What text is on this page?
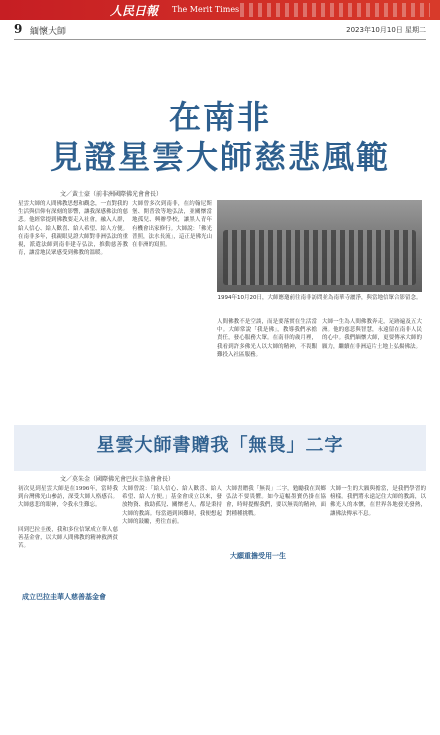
人民日報 The Merit Times
9 緬懷大師	2023年10月10日 星期二
在南非
見證星雲大師慈悲風範
文／黃士豪（前非洲國際佛光會會長）
星雲大師的人間佛教思想和觀念，一直對我的生活與信仰有深刻的影響，讓我深感佛法的慈悲。他經常提到佛教要走入社會，融入人群，給人信心、給人歡喜、給人希望、給人方便。在南非多年，我親眼見證大師對非洲弘法的重視，派遣法師到南非建寺弘法，推動慈善教育，讓當地民眾感受到佛教的溫暖。
大師曾多次到南非，在約翰尼斯堡、開普敦等地弘法，並關懷當地孤兒、興辦學校，讓黑人青年有機會出家修行。大師說：「佛光普照，法水長流」，這正是佛光山在非洲的寫照。
1994年10月20日，大師應邀前往南非訪問並為南華寺灑淨，與當地信眾合影留念。
人間佛教不是空談，而是要落實在生活當中。大師常說「我是佛」，教導我們承擔責任，發心服務大眾。在南非的歲月裡，我看到許多佛光人以大師的精神，不畏艱難投入社區服務。
大師一生為人間佛教奔走，足跡遍及五大洲。他的慈悲與智慧，永遠留在南非人民的心中。我們緬懷大師，更要傳承大師的願力，繼續在非洲這片土地上弘揚佛法。
星雲大師書贈我「無畏」二字
文／莫朱金（國際佛光會巴拉圭協會會長）
初次見到星雲大師是在1996年，當時我到台灣佛光山參訪，深受大師人格感召。大師慈悲的眼神，令我永生難忘。
回到巴拉圭後，我和多位信眾成立華人慈善基金會，以大師人間佛教的精神救濟貧苦。
成立巴拉圭華人慈善基金會
大師曾說：「給人信心、給人歡喜、給人希望、給人方便。」基金會成立以來，發放物資、救助孤兒、關懷老人，都是秉持大師的教誨。每當遇到困難時，我便想起大師的鼓勵，勇往直前。
大師書贈我「無畏」二字，勉勵我在異鄉弘法不要畏懼。如今這幅墨寶仍掛在協會，時時提醒我們，要以無畏的精神，面對種種挑戰。
大願重擔受用一生
大師一生的大願與擔當，是我們學習的榜樣。我們將永遠記住大師的教誨，以佛光人的本懷，在世界各地發光發熱，讓佛法傳承不息。
